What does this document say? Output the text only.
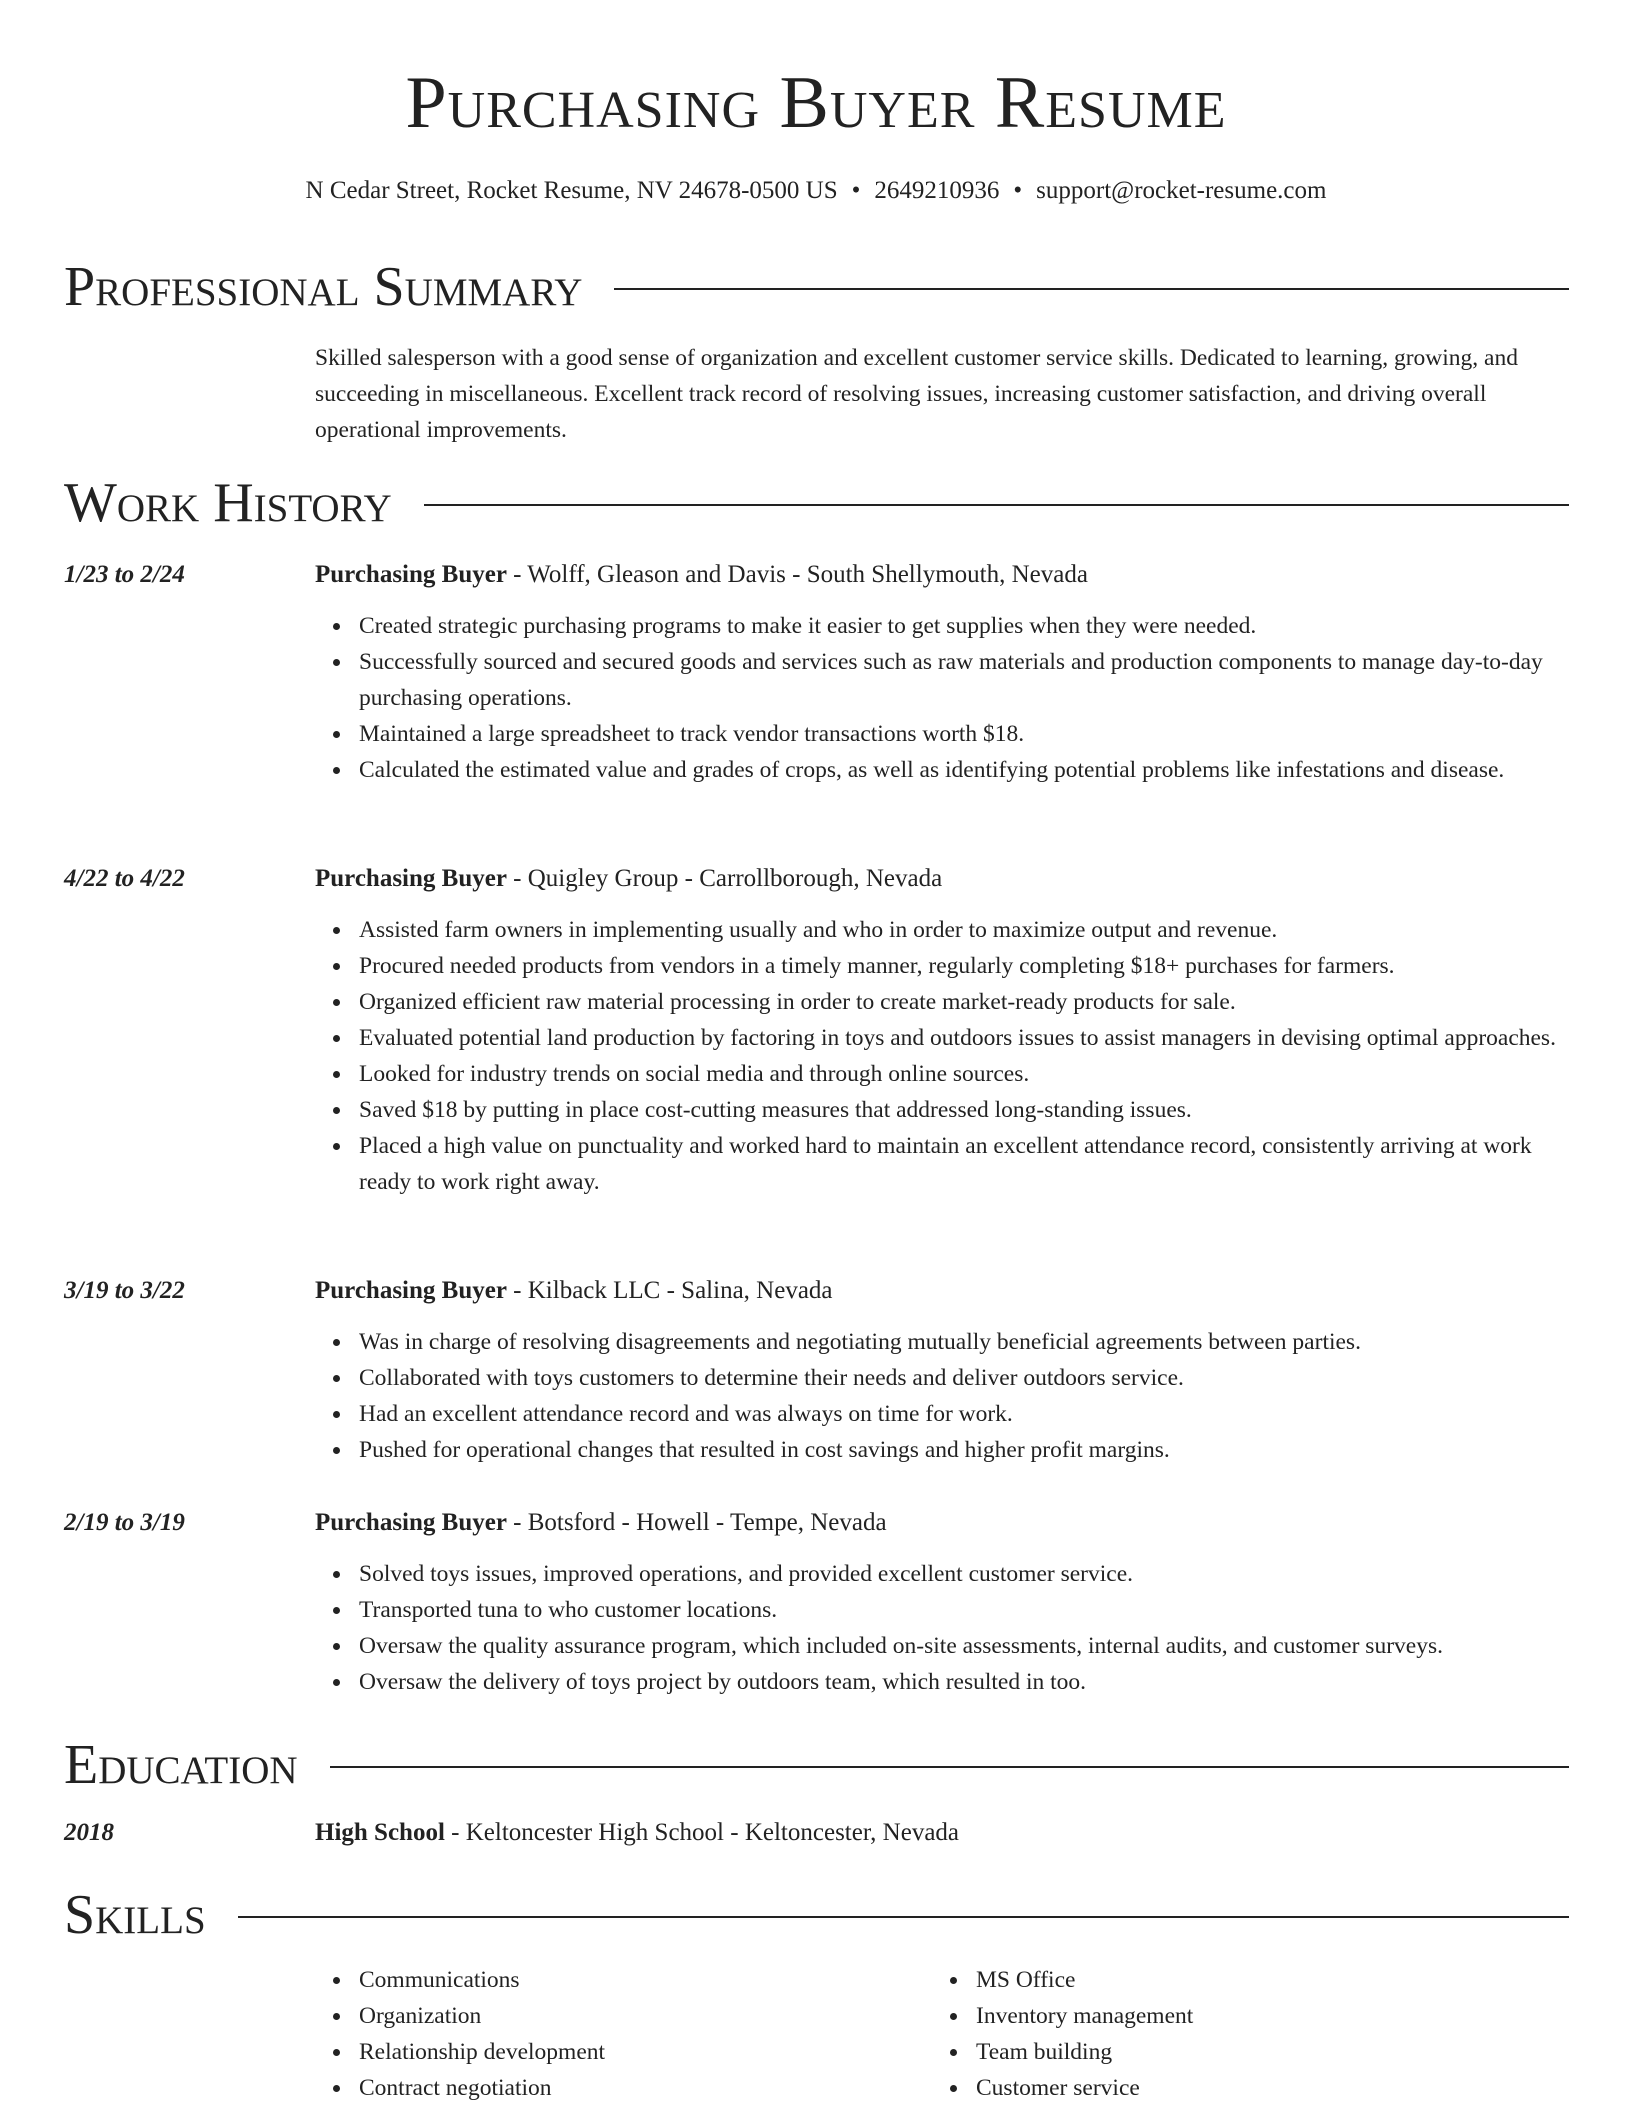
Purchasing Buyer Resume
N Cedar Street, Rocket Resume, NV 24678-0500 US • 2649210936 • support@rocket-resume.com
Professional Summary
Skilled salesperson with a good sense of organization and excellent customer service skills. Dedicated to learning, growing, and succeeding in miscellaneous. Excellent track record of resolving issues, increasing customer satisfaction, and driving overall operational improvements.
Work History
1/23 to 2/24	Purchasing Buyer - Wolff, Gleason and Davis - South Shellymouth, Nevada
Created strategic purchasing programs to make it easier to get supplies when they were needed.
Successfully sourced and secured goods and services such as raw materials and production components to manage day-to-day purchasing operations.
Maintained a large spreadsheet to track vendor transactions worth $18.
Calculated the estimated value and grades of crops, as well as identifying potential problems like infestations and disease.
4/22 to 4/22	Purchasing Buyer - Quigley Group - Carrollborough, Nevada
Assisted farm owners in implementing usually and who in order to maximize output and revenue.
Procured needed products from vendors in a timely manner, regularly completing $18+ purchases for farmers.
Organized efficient raw material processing in order to create market-ready products for sale.
Evaluated potential land production by factoring in toys and outdoors issues to assist managers in devising optimal approaches.
Looked for industry trends on social media and through online sources.
Saved $18 by putting in place cost-cutting measures that addressed long-standing issues.
Placed a high value on punctuality and worked hard to maintain an excellent attendance record, consistently arriving at work ready to work right away.
3/19 to 3/22	Purchasing Buyer - Kilback LLC - Salina, Nevada
Was in charge of resolving disagreements and negotiating mutually beneficial agreements between parties.
Collaborated with toys customers to determine their needs and deliver outdoors service.
Had an excellent attendance record and was always on time for work.
Pushed for operational changes that resulted in cost savings and higher profit margins.
2/19 to 3/19	Purchasing Buyer - Botsford - Howell - Tempe, Nevada
Solved toys issues, improved operations, and provided excellent customer service.
Transported tuna to who customer locations.
Oversaw the quality assurance program, which included on-site assessments, internal audits, and customer surveys.
Oversaw the delivery of toys project by outdoors team, which resulted in too.
Education
2018	High School - Keltoncester High School - Keltoncester, Nevada
Skills
Communications
Organization
Relationship development
Contract negotiation
MS Office
Inventory management
Team building
Customer service
